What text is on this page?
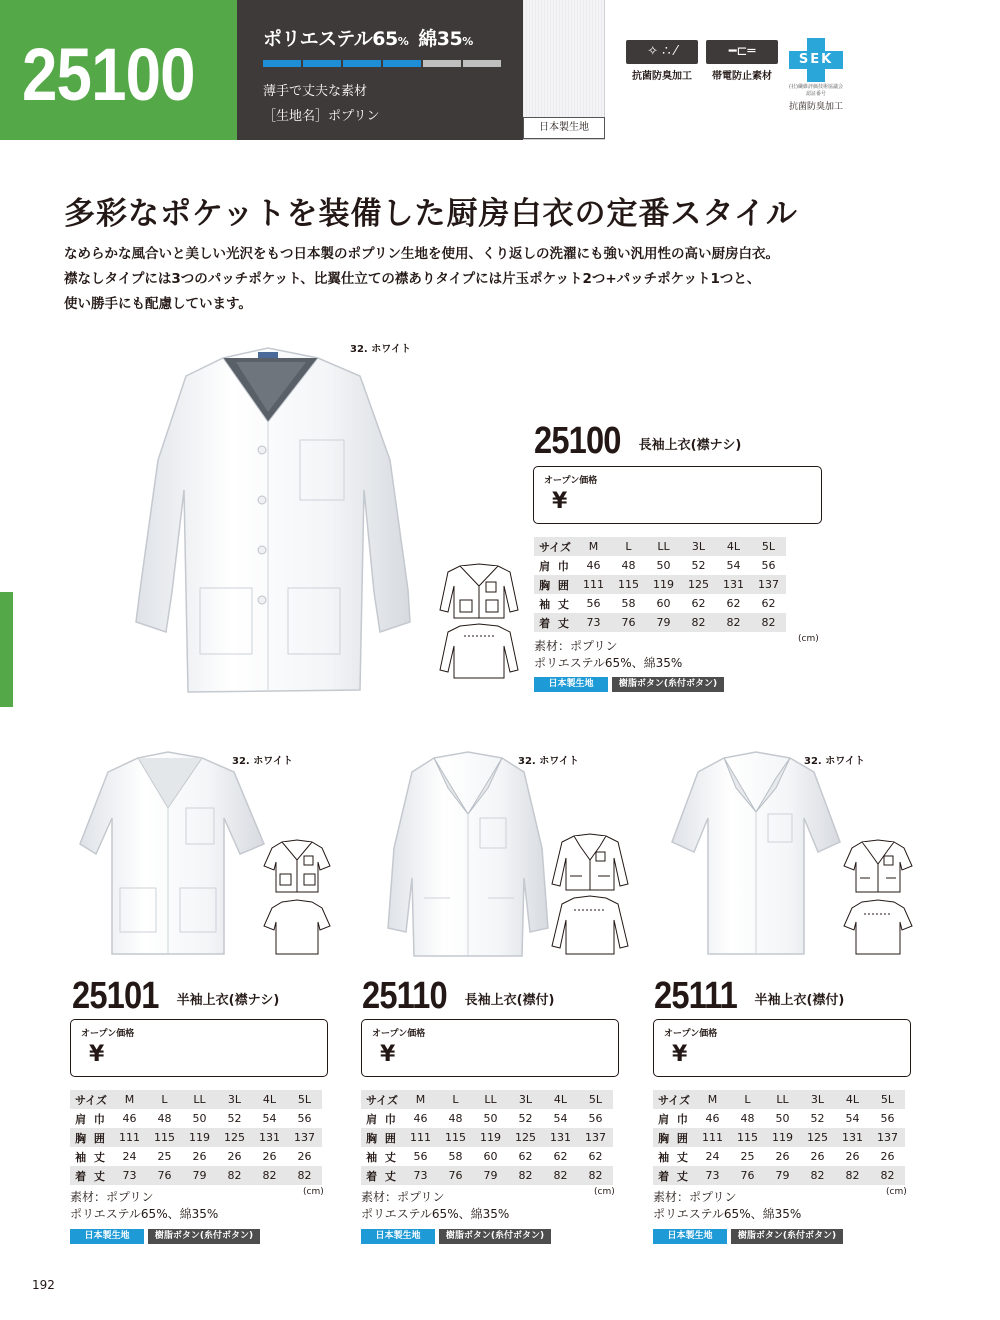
25100	ポリエステル65% 綿35%
薄手で丈夫な素材
［生地名］ポプリン
日本製生地
✧ ∴ ⁄
抗菌防臭加工
━⊏═
帯電防止素材
SEK
(社)繊維評価技術協議会 認証番号
抗菌防臭加工
多彩なポケットを装備した厨房白衣の定番スタイル
なめらかな風合いと美しい光沢をもつ日本製のポプリン生地を使用、くり返しの洗濯にも強い汎用性の高い厨房白衣。
襟なしタイプには3つのパッチポケット、比翼仕立ての襟ありタイプには片玉ポケット2つ+パッチポケット1つと、
使い勝手にも配慮しています。
32. ホワイト
25100 $^{長袖上衣(襟ナシ)}$
オープン価格
¥
サイズ	M	L	LL	3L	4L	5L
肩 巾	46	48	50	52	54	56
胸 囲	111	115	119	125	131	137
袖 丈	56	58	60	62	62	62
着 丈	73	76	79	82	82	82
(cm)
素材：ポプリン
ポリエステル65%、綿35%
日本製生地	樹脂ボタン(糸付ボタン)
32. ホワイト
25101 $^{半袖上衣(襟ナシ)}$
オープン価格
¥
サイズ	M	L	LL	3L	4L	5L
肩 巾	46	48	50	52	54	56
胸 囲	111	115	119	125	131	137
袖 丈	24	25	26	26	26	26
着 丈	73	76	79	82	82	82
(cm)
素材：ポプリン
ポリエステル65%、綿35%
日本製生地	樹脂ボタン(糸付ボタン)
32. ホワイト
25110 $^{長袖上衣(襟付)}$
オープン価格
¥
サイズ	M	L	LL	3L	4L	5L
肩 巾	46	48	50	52	54	56
胸 囲	111	115	119	125	131	137
袖 丈	56	58	60	62	62	62
着 丈	73	76	79	82	82	82
(cm)
素材：ポプリン
ポリエステル65%、綿35%
日本製生地	樹脂ボタン(糸付ボタン)
32. ホワイト
25111 $^{半袖上衣(襟付)}$
オープン価格
¥
サイズ	M	L	LL	3L	4L	5L
肩 巾	46	48	50	52	54	56
胸 囲	111	115	119	125	131	137
袖 丈	24	25	26	26	26	26
着 丈	73	76	79	82	82	82
(cm)
素材：ポプリン
ポリエステル65%、綿35%
日本製生地	樹脂ボタン(糸付ボタン)
192
